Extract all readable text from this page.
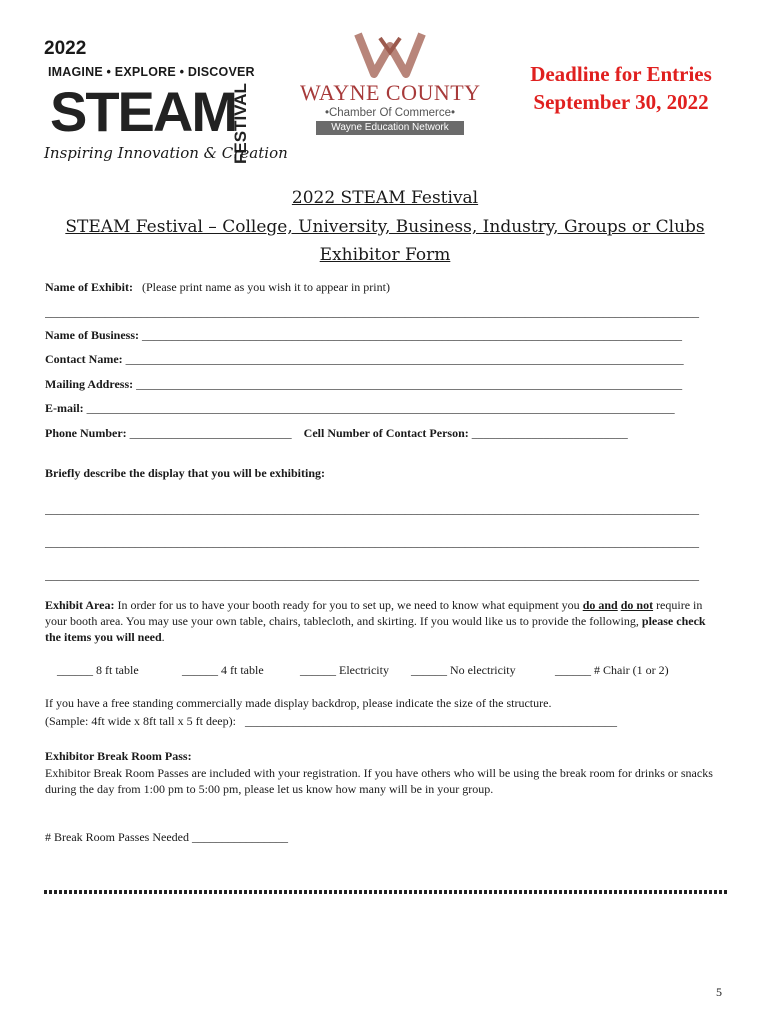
2022
IMAGINE • EXPLORE • DISCOVER
STEAM
FESTIVAL
Inspiring Innovation & Creation
WAYNE COUNTY
•Chamber Of Commerce•
Wayne Education Network
Deadline for Entries
September 30, 2022
2022 STEAM Festival
STEAM Festival – College, University, Business, Industry, Groups or Clubs
Exhibitor Form
Name of Exhibit: (Please print name as you wish it to appear in print)
_____________________________________________________________________________________________________________
Name of Business: __________________________________________________________________________________________
Contact Name: _____________________________________________________________________________________________
Mailing Address: ___________________________________________________________________________________________
E-mail: __________________________________________________________________________________________________
Phone Number: ___________________________ Cell Number of Contact Person: __________________________
Briefly describe the display that you will be exhibiting:
_____________________________________________________________________________________________________________
_____________________________________________________________________________________________________________
_____________________________________________________________________________________________________________
Exhibit Area: In order for us to have your booth ready for you to set up, we need to know what equipment you do and do not require in your booth area. You may use your own table, chairs, tablecloth, and skirting. If you would like us to provide the following, please check the items you will need.
______ 8 ft table	______ 4 ft table	______ Electricity ______ No electricity	______ # Chair (1 or 2)
If you have a free standing commercially made display backdrop, please indicate the size of the structure.
(Sample: 4ft wide x 8ft tall x 5 ft deep): ______________________________________________________________
Exhibitor Break Room Pass:
Exhibitor Break Room Passes are included with your registration. If you have others who will be using the break room for drinks or snacks during the day from 1:00 pm to 5:00 pm, please let us know how many will be in your group.
# Break Room Passes Needed ________________
5
